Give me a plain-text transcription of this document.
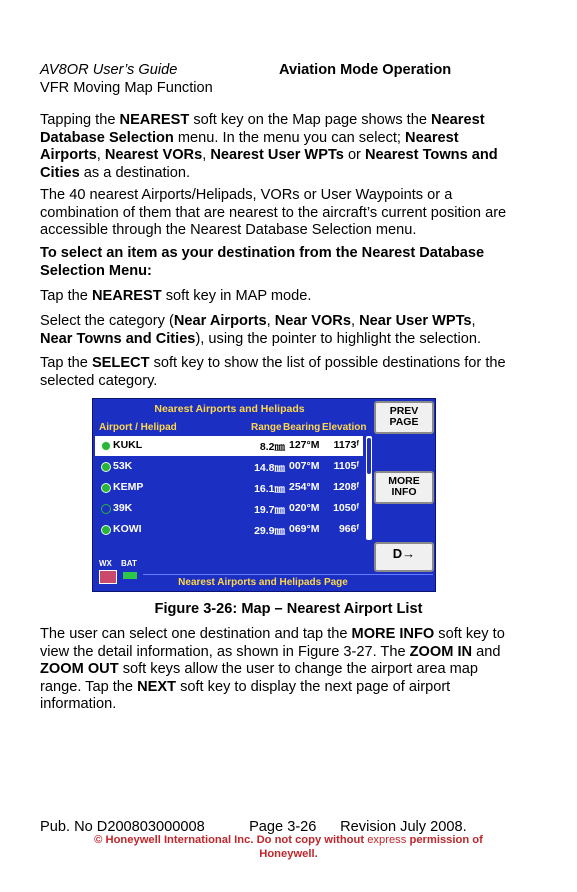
AV8OR User’s Guide
VFR Moving Map Function
Aviation Mode Operation

Tapping the NEAREST soft key on the Map page shows the Nearest Database Selection menu. In the menu you can select; Nearest Airports, Nearest VORs, Nearest User WPTs or Nearest Towns and Cities as a destination.

The 40 nearest Airports/Helipads, VORs or User Waypoints or a combination of them that are nearest to the aircraft’s current position are accessible through the Nearest Database Selection menu.

To select an item as your destination from the Nearest Database Selection Menu:

Tap the NEAREST soft key in MAP mode.

Select the category (Near Airports, Near VORs, Near User WPTs, Near Towns and Cities), using the pointer to highlight the selection.

Tap the SELECT soft key to show the list of possible destinations for the selected category.

Nearest Airports and Helipads
Airport / Helipad	Range Bearing Elevation
KUKL	8.2㎚ 127°M	1173ᶠ
53K	14.8㎚ 007°M	1105ᶠ
KEMP	16.1㎚ 254°M	1208ᶠ
39K	19.7㎚ 020°M	1050ᶠ
KOWI	29.9㎚ 069°M	966ᶠ
PREV PAGE
MORE INFO
D→
WX BAT
Nearest Airports and Helipads Page
Figure 3-26: Map – Nearest Airport List

The user can select one destination and tap the MORE INFO soft key to view the detail information, as shown in Figure 3-27. The ZOOM IN and ZOOM OUT soft keys allow the user to change the airport area map range. Tap the NEXT soft key to display the next page of airport information.

Pub. No D200803000008	Page 3-26 Revision July 2008.
© Honeywell International Inc. Do not copy without express permission of Honeywell.
